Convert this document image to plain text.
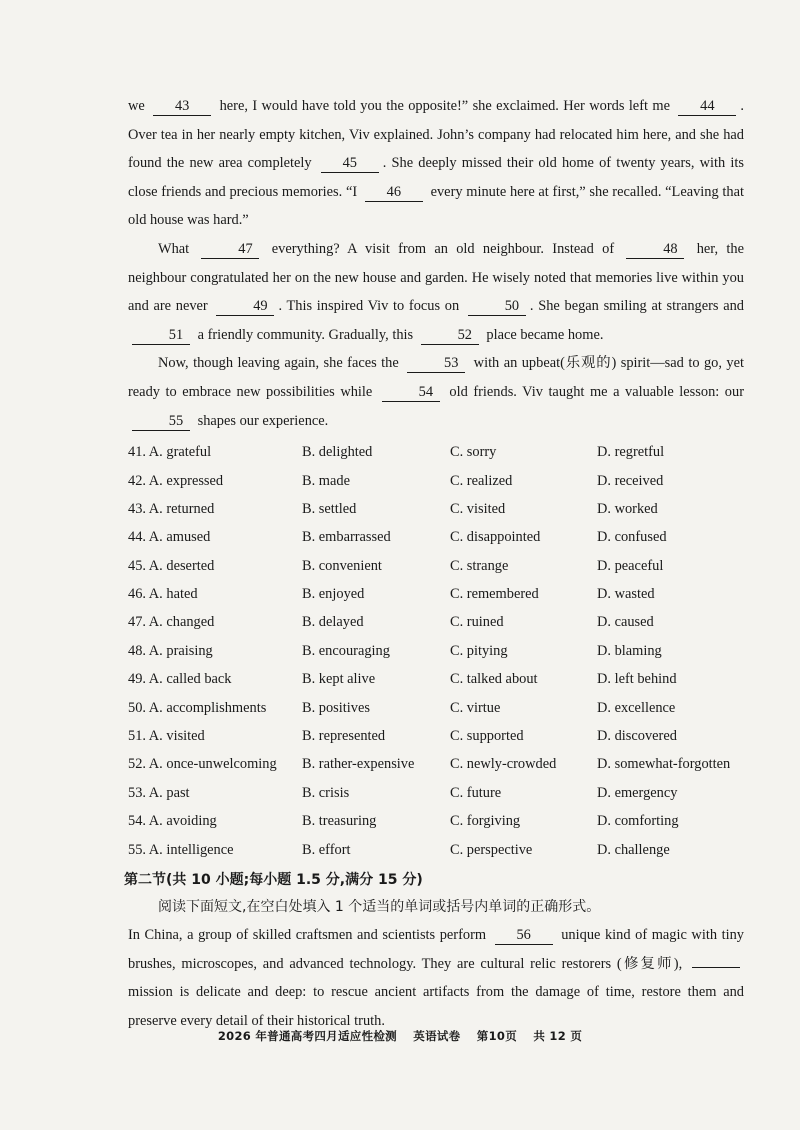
we 43 here, I would have told you the opposite!” she exclaimed. Her words left me 44 . Over tea in her nearly empty kitchen, Viv explained. John’s company had relocated him here, and she had found the new area completely 45 . She deeply missed their old home of twenty years, with its close friends and precious memories. “I 46 every minute here at first,” she recalled. “Leaving that old house was hard.”

What	47 everything? A visit from an old neighbour. Instead of	48 her, the neighbour congratulated her on the new house and garden. He wisely noted that memories live within you and are never	49 . This inspired Viv to focus on	50 . She began smiling at strangers and 51 a friendly community. Gradually, this	52 place became home.

Now, though leaving again, she faces the	53 with an upbeat(乐观的) spirit—sad to go, yet ready to embrace new possibilities while	54 old friends. Viv taught me a valuable lesson: our 55 shapes our experience.

41. A. grateful	B. delighted	C. sorry	D. regretful
42. A. expressed	B. made	C. realized	D. received
43. A. returned	B. settled	C. visited	D. worked
44. A. amused	B. embarrassed	C. disappointed	D. confused
45. A. deserted	B. convenient	C. strange	D. peaceful
46. A. hated	B. enjoyed	C. remembered	D. wasted
47. A. changed	B. delayed	C. ruined	D. caused
48. A. praising	B. encouraging	C. pitying	D. blaming
49. A. called back	B. kept alive	C. talked about	D. left behind
50. A. accomplishments	B. positives	C. virtue	D. excellence
51. A. visited	B. represented	C. supported	D. discovered
52. A. once-unwelcoming	B. rather-expensive	C. newly-crowded	D. somewhat-forgotten
53. A. past	B. crisis	C. future	D. emergency
54. A. avoiding	B. treasuring	C. forgiving	D. comforting
55. A. intelligence	B. effort	C. perspective	D. challenge
第二节(共 10 小题;每小题 1.5 分,满分 15 分)
阅读下面短文,在空白处填入 1 个适当的单词或括号内单词的正确形式。

In China, a group of skilled craftsmen and scientists perform 56 unique kind of magic with tiny brushes, microscopes, and advanced technology. They are cultural relic restorers (修复师),  mission is delicate and deep: to rescue ancient artifacts from the damage of time, restore them and preserve every detail of their historical truth.

2026 年普通高考四月适应性检测 英语试卷 第10页 共 12 页
